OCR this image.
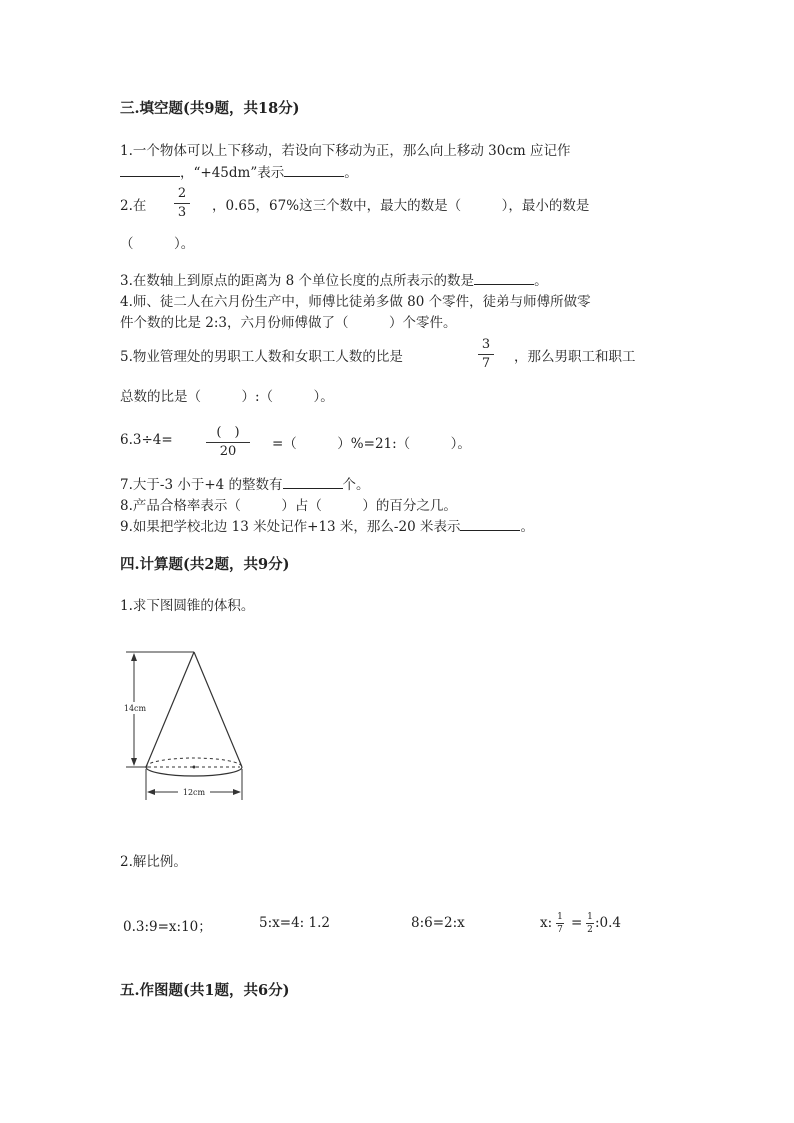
三.填空题(共9题，共18分)
1.一个物体可以上下移动，若设向下移动为正，那么向上移动 30cm 应记作
，“+45dm”表示	。
2.在
2
3 ，0.65，67%这三个数中，最大的数是（　　　），最小的数是
（　　　）。
3.在数轴上到原点的距离为 8 个单位长度的点所表示的数是	。
4.师、徒二人在六月份生产中，师傅比徒弟多做 80 个零件，徒弟与师傅所做零
件个数的比是 2:3，六月份师傅做了（　　　）个零件。
5.物业管理处的男职工人数和女职工人数的比是
3
7 ，那么男职工和职工
总数的比是（　　　）:（　　　）。
6.3÷4=	(　)
20	=（　　　）%=21:（　　　）。
7.大于-3 小于+4 的整数有	个。
8.产品合格率表示（　　　）占（　　　）的百分之几。
9.如果把学校北边 13 米处记作+13 米，那么-20 米表示	。
四.计算题(共2题，共9分)
1.求下图圆锥的体积。
14cm
12cm
2.解比例。
0.3:9=x:10；	5:x=4: 1.2	8:6=2:x	x: 1
7 = 1
2 :0.4
五.作图题(共1题，共6分)
